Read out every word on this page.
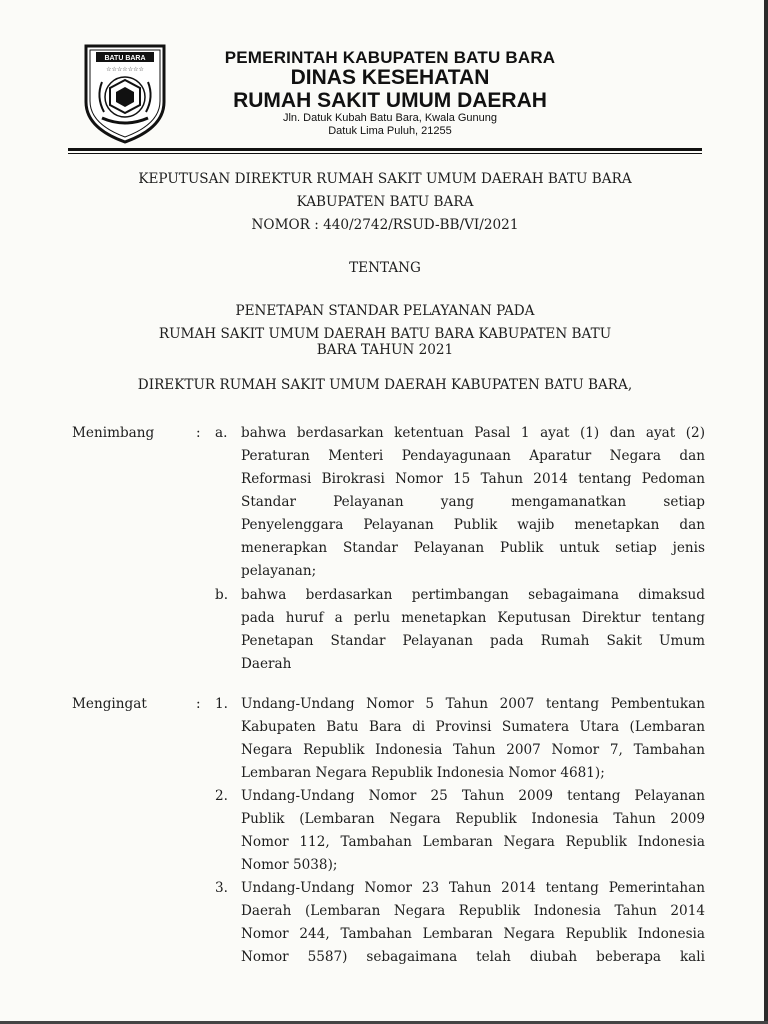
BATU BARA
☆☆☆☆☆☆☆
PEMERINTAH KABUPATEN BATU BARA
DINAS KESEHATAN
RUMAH SAKIT UMUM DAERAH
Jln. Datuk Kubah Batu Bara, Kwala Gunung
Datuk Lima Puluh, 21255
KEPUTUSAN DIREKTUR RUMAH SAKIT UMUM DAERAH BATU BARA
KABUPATEN BATU BARA
NOMOR : 440/2742/RSUD-BB/VI/2021
TENTANG
PENETAPAN STANDAR PELAYANAN PADA
RUMAH SAKIT UMUM DAERAH BATU BARA KABUPATEN BATU
BARA TAHUN 2021
DIREKTUR RUMAH SAKIT UMUM DAERAH KABUPATEN BATU BARA,
Menimbang	: a. bahwa berdasarkan ketentuan Pasal 1 ayat (1) dan ayat (2)
Peraturan Menteri Pendayagunaan Aparatur Negara dan
Reformasi Birokrasi Nomor 15 Tahun 2014 tentang Pedoman
Standar Pelayanan yang mengamanatkan setiap
Penyelenggara Pelayanan Publik wajib menetapkan dan
menerapkan Standar Pelayanan Publik untuk setiap jenis
pelayanan;
b. bahwa berdasarkan pertimbangan sebagaimana dimaksud
pada huruf a perlu menetapkan Keputusan Direktur tentang
Penetapan Standar Pelayanan pada Rumah Sakit Umum
Daerah
Mengingat	: 1. Undang-Undang Nomor 5 Tahun 2007 tentang Pembentukan
Kabupaten Batu Bara di Provinsi Sumatera Utara (Lembaran
Negara Republik Indonesia Tahun 2007 Nomor 7, Tambahan
Lembaran Negara Republik Indonesia Nomor 4681);
2. Undang-Undang Nomor 25 Tahun 2009 tentang Pelayanan
Publik (Lembaran Negara Republik Indonesia Tahun 2009
Nomor 112, Tambahan Lembaran Negara Republik Indonesia
Nomor 5038);
3. Undang-Undang Nomor 23 Tahun 2014 tentang Pemerintahan
Daerah (Lembaran Negara Republik Indonesia Tahun 2014
Nomor 244, Tambahan Lembaran Negara Republik Indonesia
Nomor 5587) sebagaimana telah diubah beberapa kali
